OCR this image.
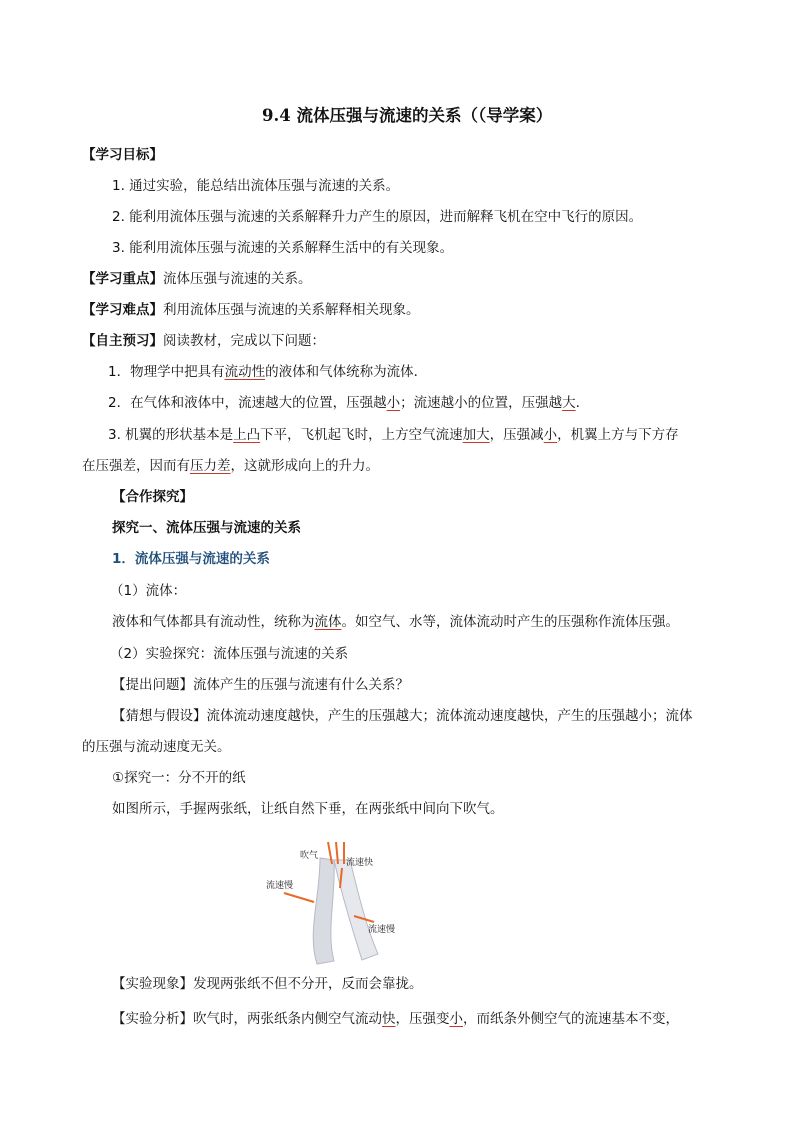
9.4 流体压强与流速的关系（（导学案）
【学习目标】
1. 通过实验，能总结出流体压强与流速的关系。
2. 能利用流体压强与流速的关系解释升力产生的原因，进而解释飞机在空中飞行的原因。
3. 能利用流体压强与流速的关系解释生活中的有关现象。
【学习重点】流体压强与流速的关系。
【学习难点】利用流体压强与流速的关系解释相关现象。
【自主预习】阅读教材，完成以下问题：
1．物理学中把具有流动性的液体和气体统称为流体．
2．在气体和液体中，流速越大的位置，压强越小；流速越小的位置，压强越大.
3. 机翼的形状基本是上凸下平，飞机起飞时，上方空气流速加大，压强减小，机翼上方与下方存
在压强差，因而有压力差，这就形成向上的升力。
【合作探究】
探究一、流体压强与流速的关系
1．流体压强与流速的关系
（1）流体：
液体和气体都具有流动性，统称为流体。如空气、水等，流体流动时产生的压强称作流体压强。
（2）实验探究：流体压强与流速的关系
【提出问题】流体产生的压强与流速有什么关系？
【猜想与假设】流体流动速度越快，产生的压强越大；流体流动速度越快，产生的压强越小；流体
的压强与流动速度无关。
①探究一：分不开的纸
如图所示，手握两张纸，让纸自然下垂，在两张纸中间向下吹气。
吹气
流速快
流速慢
流速慢
【实验现象】发现两张纸不但不分开，反而会靠拢。
【实验分析】吹气时，两张纸条内侧空气流动快，压强变小，而纸条外侧空气的流速基本不变，
